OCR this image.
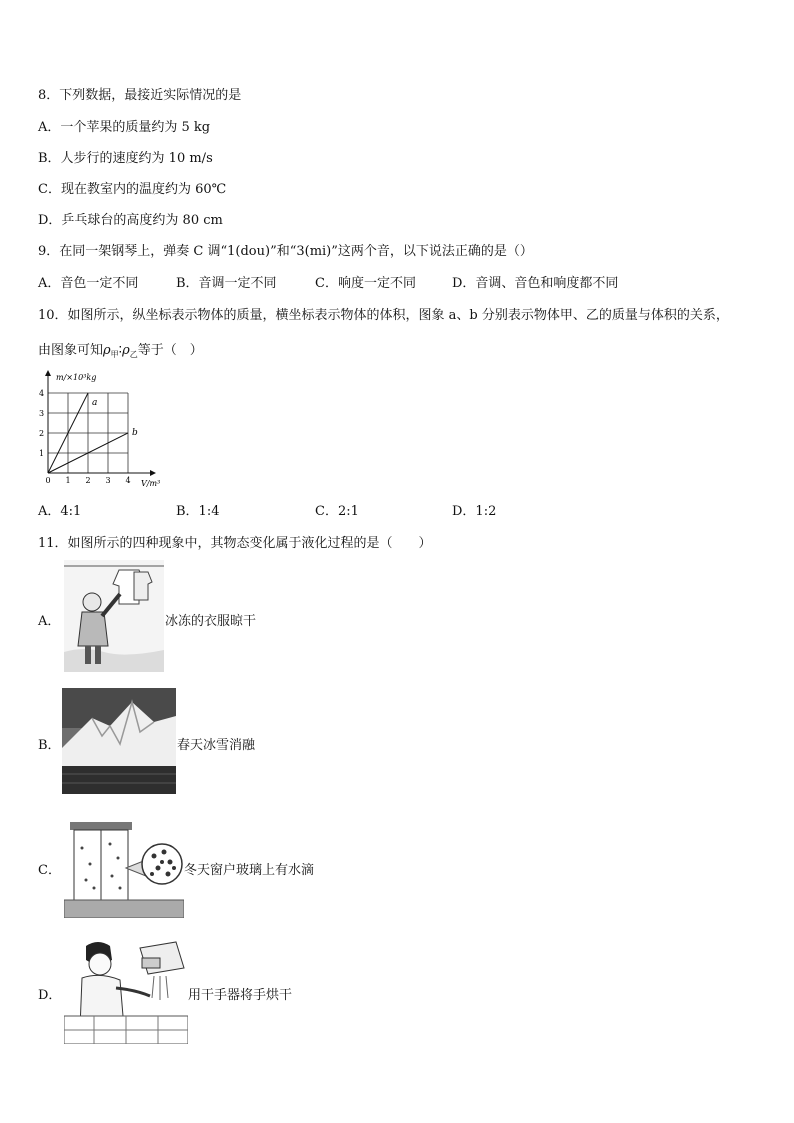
8．下列数据，最接近实际情况的是
A．一个苹果的质量约为 5 kg
B．人步行的速度约为 10 m/s
C．现在教室内的温度约为 60℃
D．乒乓球台的高度约为 80 cm
9．在同一架钢琴上，弹奏 C 调“1(dou)”和“3(mi)”这两个音，以下说法正确的是（）
A．音色一定不同	B．音调一定不同	C．响度一定不同	D．音调、音色和响度都不同
10．如图所示，纵坐标表示物体的质量，横坐标表示物体的体积，图象 a、b 分别表示物体甲、乙的质量与体积的关系，
由图象可知$\rho_甲∶\rho_乙$等于（　）
a
b
0 1 2 3 4
1
2
3
4
m/×10³kg
V/m³
A．4:1	B．1:4	C．2:1	D．1:2
11．如图所示的四种现象中，其物态变化属于液化过程的是（　　）
A．	冰冻的衣服晾干
B．	春天冰雪消融
C．	冬天窗户玻璃上有水滴
D．	用干手器将手烘干
